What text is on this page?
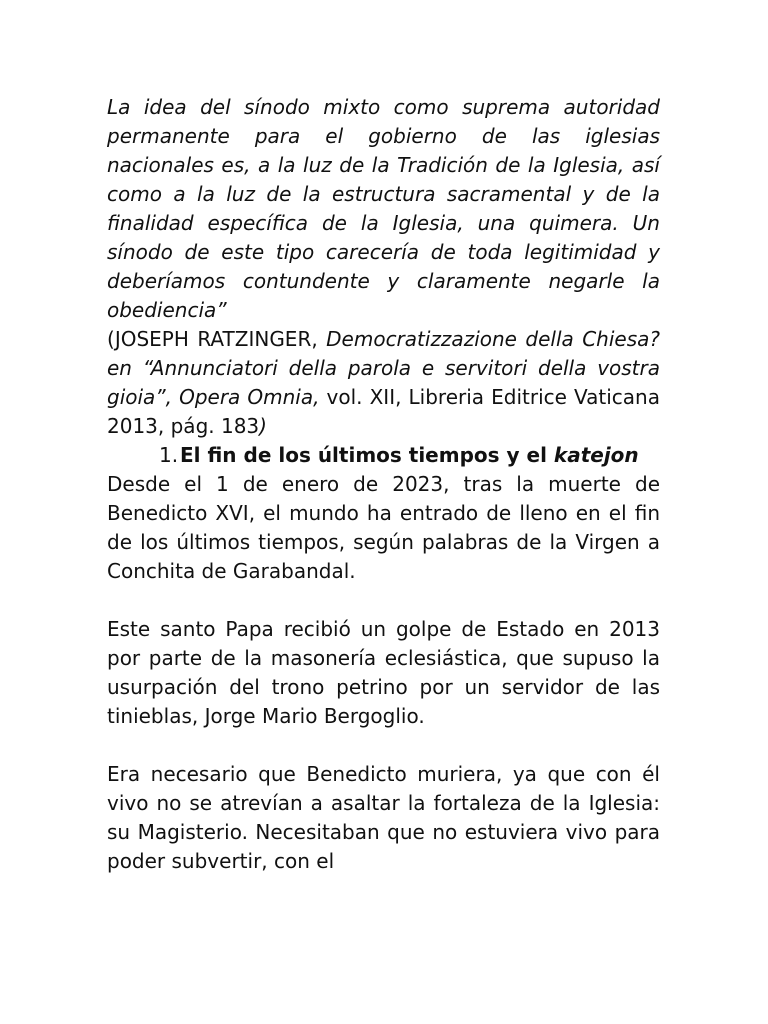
La idea del sínodo mixto como suprema autoridad permanente para el gobierno de las iglesias nacionales es, a la luz de la Tradición de la Iglesia, así como a la luz de la estructura sacramental y de la finalidad específica de la Iglesia, una quimera. Un sínodo de este tipo carecería de toda legitimidad y deberíamos contundente y claramente negarle la obediencia”
(JOSEPH RATZINGER, Democratizzazione della Chiesa? en “Annunciatori della parola e servitori della vostra gioia”, Opera Omnia, vol. XII, Libreria Editrice Vaticana 2013, pág. 183)
1. El fin de los últimos tiempos y el katejon

Desde el 1 de enero de 2023, tras la muerte de Benedicto XVI, el mundo ha entrado de lleno en el fin de los últimos tiempos, según palabras de la Virgen a Conchita de Garabandal.

Este santo Papa recibió un golpe de Estado en 2013 por parte de la masonería eclesiástica, que supuso la usurpación del trono petrino por un servidor de las tinieblas, Jorge Mario Bergoglio.

Era necesario que Benedicto muriera, ya que con él vivo no se atrevían a asaltar la fortaleza de la Iglesia: su Magisterio. Necesitaban que no estuviera vivo para poder subvertir, con el
